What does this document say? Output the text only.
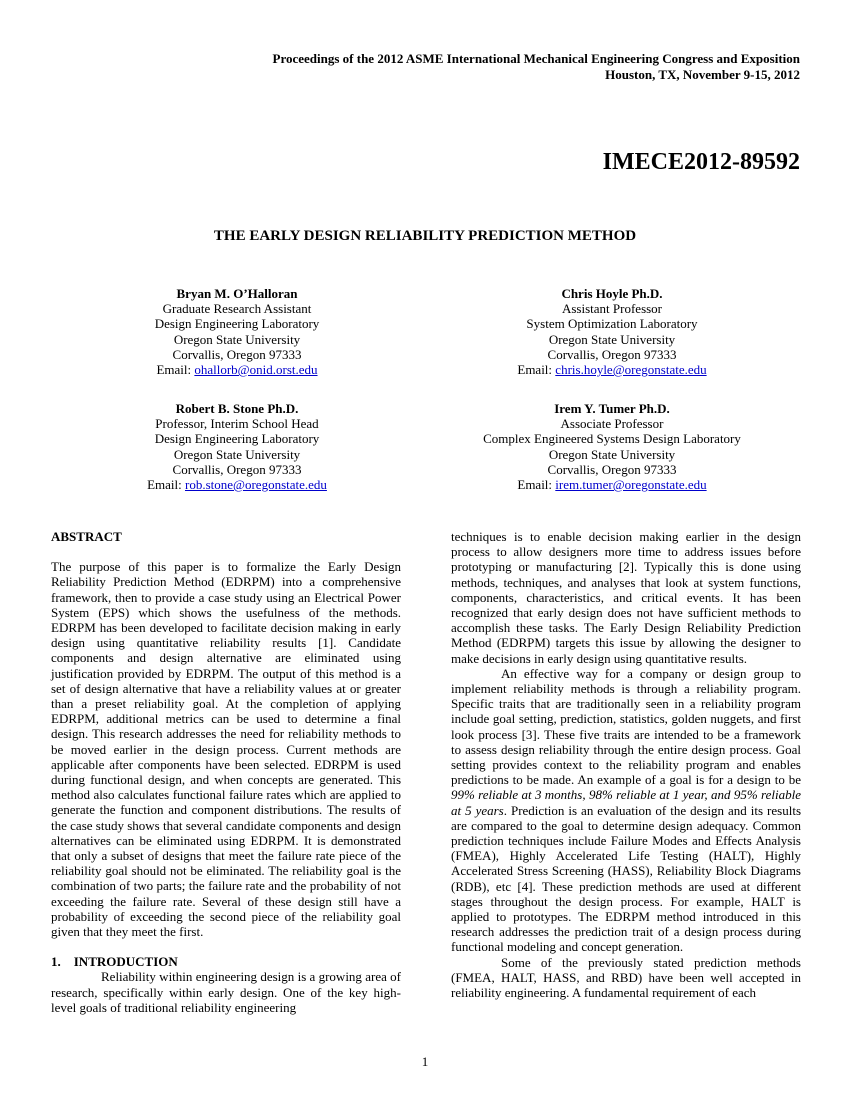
Proceedings of the 2012 ASME International Mechanical Engineering Congress and Exposition
Houston, TX, November 9-15, 2012
IMECE2012-89592
THE EARLY DESIGN RELIABILITY PREDICTION METHOD
Bryan M. O’Halloran
Graduate Research Assistant
Design Engineering Laboratory
Oregon State University
Corvallis, Oregon 97333
Email: ohallorb@onid.orst.edu
Chris Hoyle Ph.D.
Assistant Professor
System Optimization Laboratory
Oregon State University
Corvallis, Oregon 97333
Email: chris.hoyle@oregonstate.edu
Robert B. Stone Ph.D.
Professor, Interim School Head
Design Engineering Laboratory
Oregon State University
Corvallis, Oregon 97333
Email: rob.stone@oregonstate.edu
Irem Y. Tumer Ph.D.
Associate Professor
Complex Engineered Systems Design Laboratory
Oregon State University
Corvallis, Oregon 97333
Email: irem.tumer@oregonstate.edu

ABSTRACT

The purpose of this paper is to formalize the Early Design Reliability Prediction Method (EDRPM) into a comprehensive framework, then to provide a case study using an Electrical Power System (EPS) which shows the usefulness of the methods. EDRPM has been developed to facilitate decision making in early design using quantitative reliability results [1]. Candidate components and design alternative are eliminated using justification provided by EDRPM. The output of this method is a set of design alternative that have a reliability values at or greater than a preset reliability goal. At the completion of applying EDRPM, additional metrics can be used to determine a final design. This research addresses the need for reliability methods to be moved earlier in the design process. Current methods are applicable after components have been selected. EDRPM is used during functional design, and when concepts are generated. This method also calculates functional failure rates which are applied to generate the function and component distributions. The results of the case study shows that several candidate components and design alternatives can be eliminated using EDRPM. It is demonstrated that only a subset of designs that meet the failure rate piece of the reliability goal should not be eliminated. The reliability goal is the combination of two parts; the failure rate and the probability of not exceeding the failure rate. Several of these design still have a probability of exceeding the second piece of the reliability goal given that they meet the first.

1. INTRODUCTION

Reliability within engineering design is a growing area of research, specifically within early design. One of the key high-level goals of traditional reliability engineering

techniques is to enable decision making earlier in the design process to allow designers more time to address issues before prototyping or manufacturing [2]. Typically this is done using methods, techniques, and analyses that look at system functions, components, characteristics, and critical events. It has been recognized that early design does not have sufficient methods to accomplish these tasks. The Early Design Reliability Prediction Method (EDRPM) targets this issue by allowing the designer to make decisions in early design using quantitative results.

An effective way for a company or design group to implement reliability methods is through a reliability program. Specific traits that are traditionally seen in a reliability program include goal setting, prediction, statistics, golden nuggets, and first look process [3]. These five traits are intended to be a framework to assess design reliability through the entire design process. Goal setting provides context to the reliability program and enables predictions to be made. An example of a goal is for a design to be 99% reliable at 3 months, 98% reliable at 1 year, and 95% reliable at 5 years. Prediction is an evaluation of the design and its results are compared to the goal to determine design adequacy. Common prediction techniques include Failure Modes and Effects Analysis (FMEA), Highly Accelerated Life Testing (HALT), Highly Accelerated Stress Screening (HASS), Reliability Block Diagrams (RDB), etc [4]. These prediction methods are used at different stages throughout the design process. For example, HALT is applied to prototypes. The EDRPM method introduced in this research addresses the prediction trait of a design process during functional modeling and concept generation.

Some of the previously stated prediction methods (FMEA, HALT, HASS, and RBD) have been well accepted in reliability engineering. A fundamental requirement of each

1
